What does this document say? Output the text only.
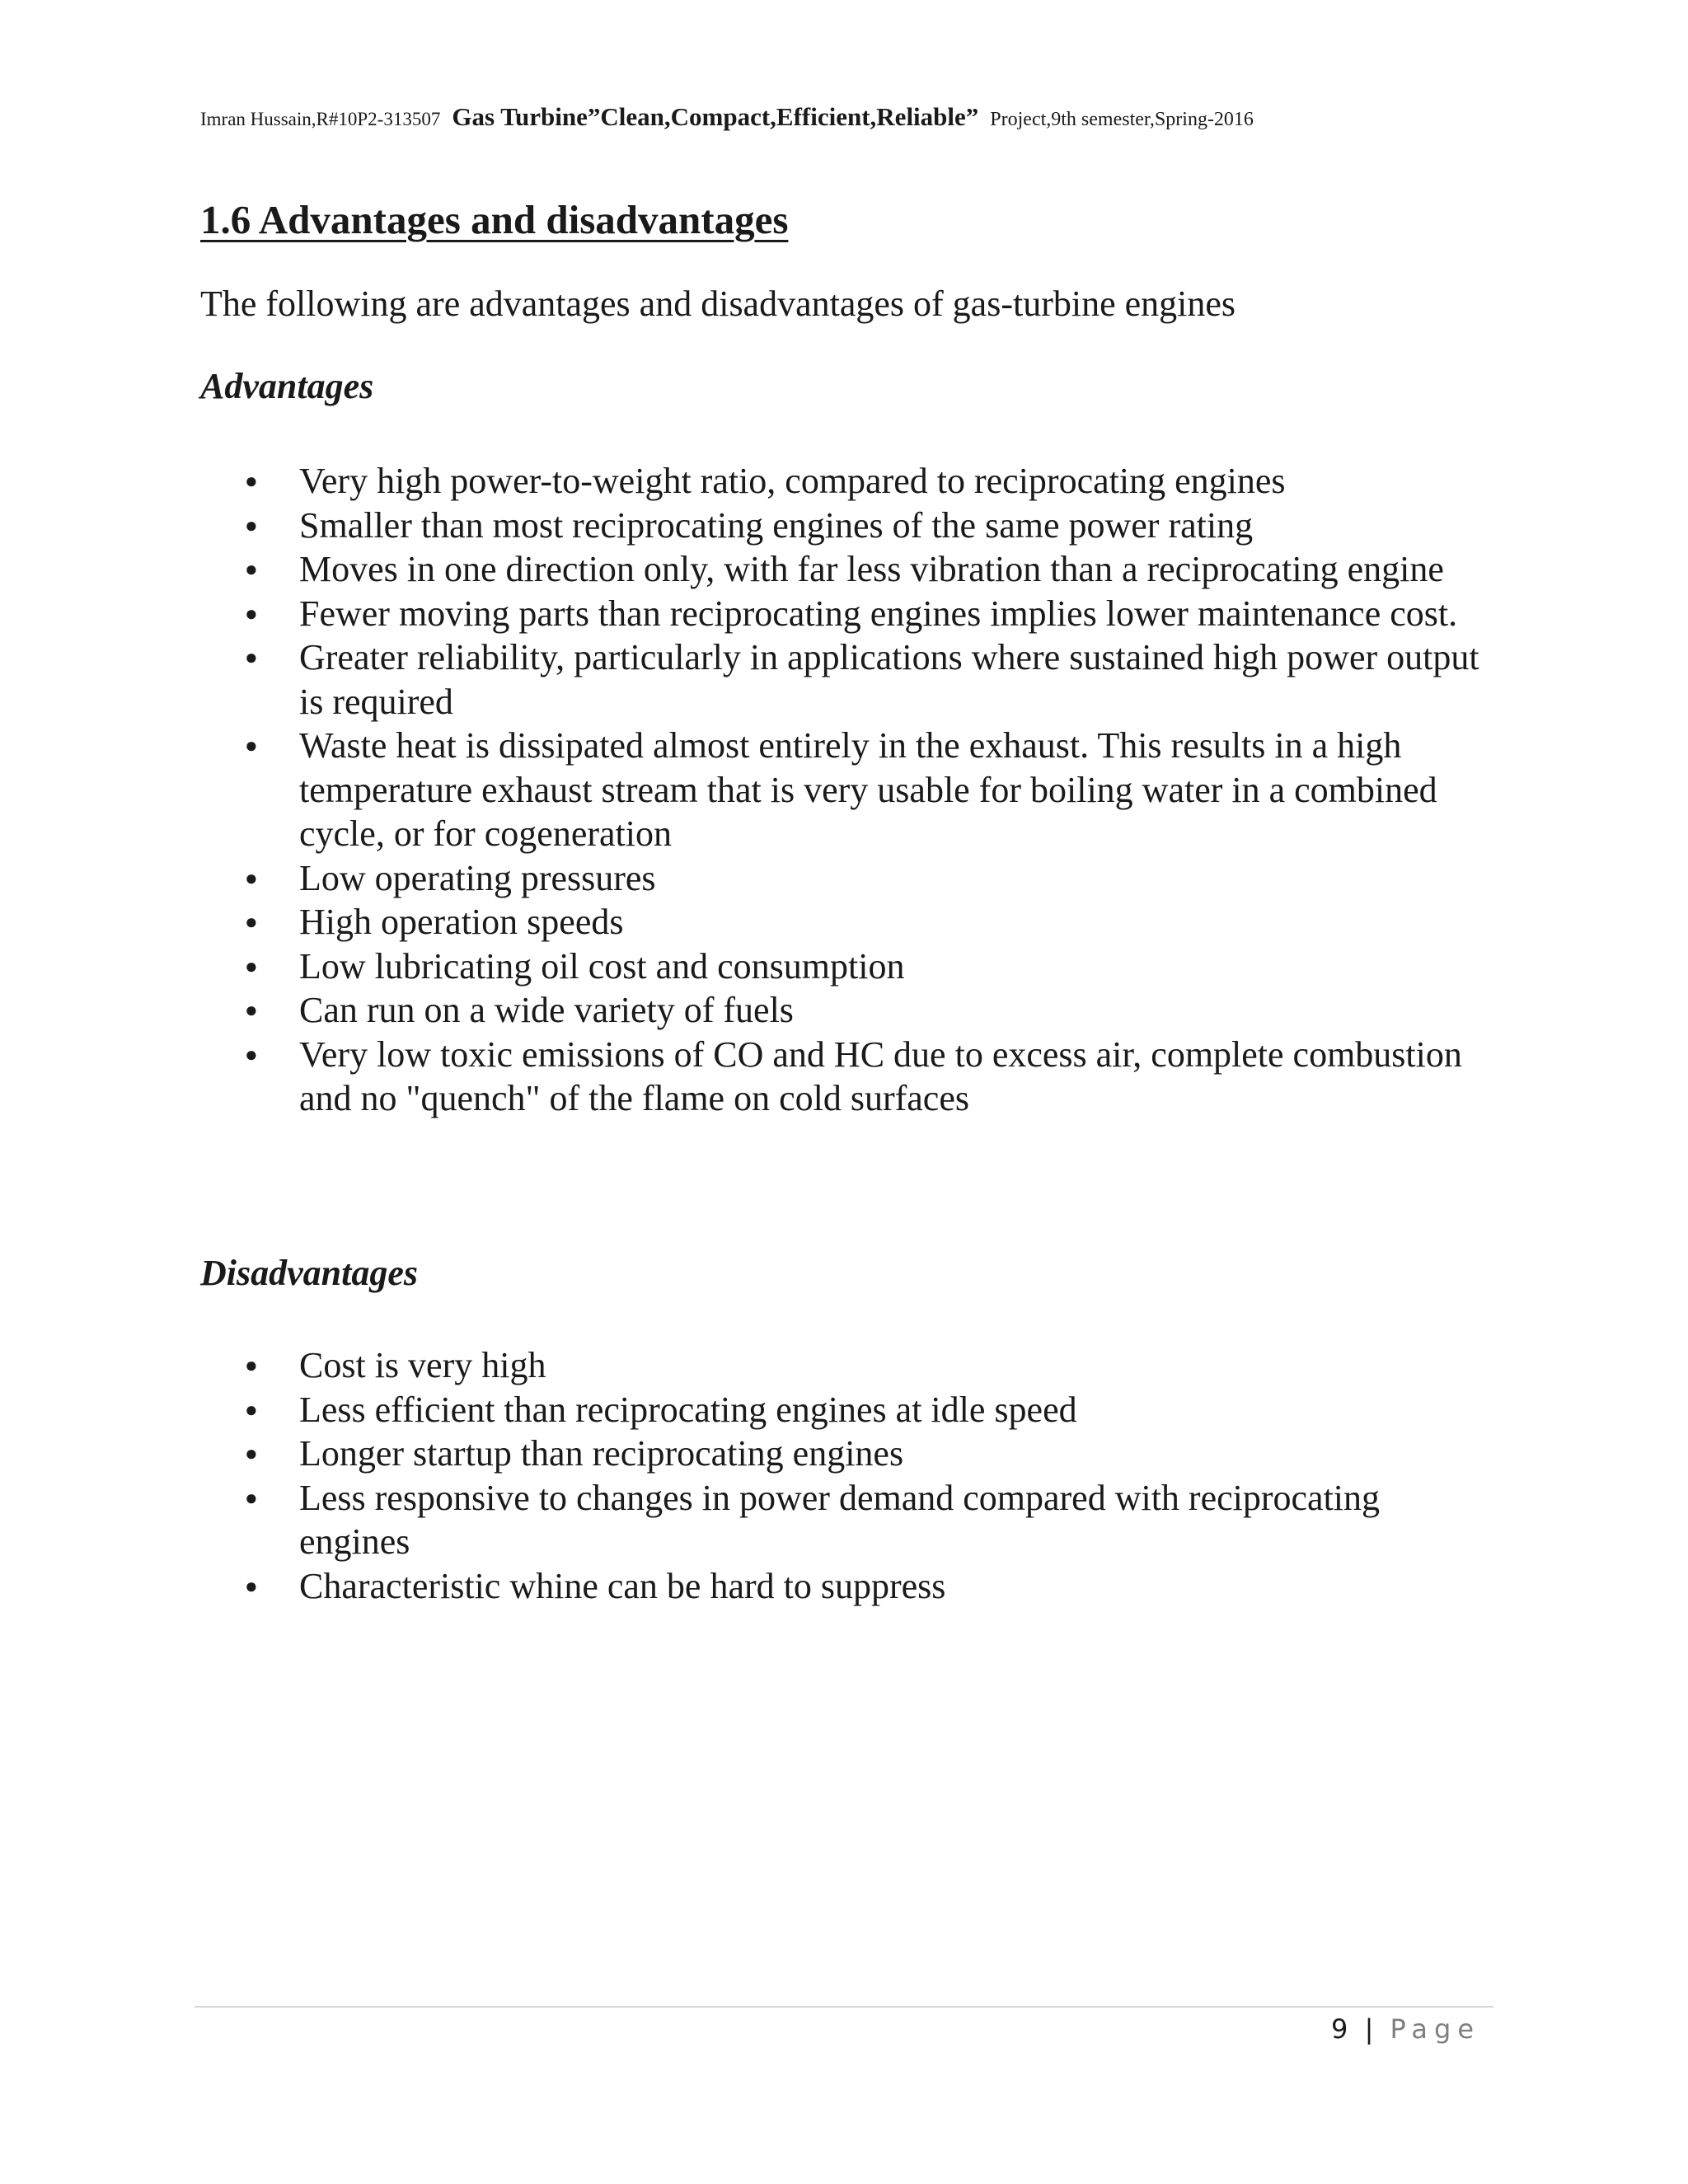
Imran Hussain,R#10P2-313507 Gas Turbine”Clean,Compact,Efficient,Reliable” Project,9th semester,Spring-2016
1.6 Advantages and disadvantages

The following are advantages and disadvantages of gas-turbine engines

Advantages
● Very high power-to-weight ratio, compared to reciprocating engines
● Smaller than most reciprocating engines of the same power rating
● Moves in one direction only, with far less vibration than a reciprocating engine
● Fewer moving parts than reciprocating engines implies lower maintenance cost.
● Greater reliability, particularly in applications where sustained high power output is required
● Waste heat is dissipated almost entirely in the exhaust. This results in a high temperature exhaust stream that is very usable for boiling water in a combined cycle, or for cogeneration
● Low operating pressures
● High operation speeds
● Low lubricating oil cost and consumption
● Can run on a wide variety of fuels
● Very low toxic emissions of CO and HC due to excess air, complete combustion and no "quench" of the flame on cold surfaces
Disadvantages
● Cost is very high
● Less efficient than reciprocating engines at idle speed
● Longer startup than reciprocating engines
● Less responsive to changes in power demand compared with reciprocating engines
● Characteristic whine can be hard to suppress
9 | Page
